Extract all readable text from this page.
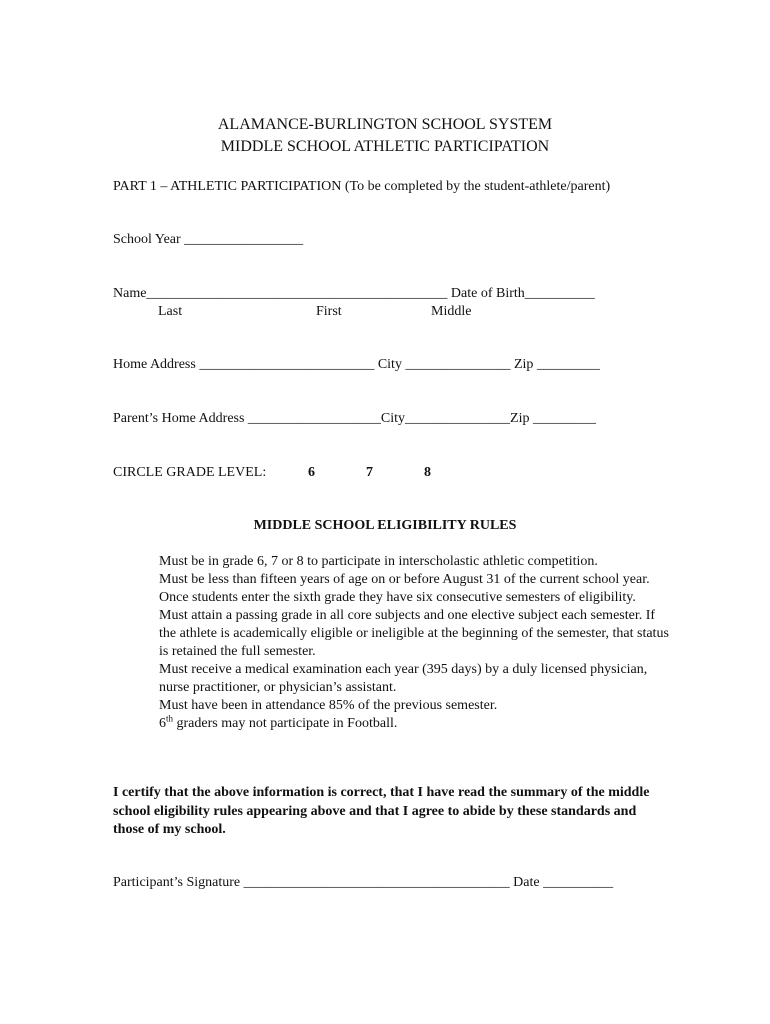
ALAMANCE-BURLINGTON SCHOOL SYSTEM
MIDDLE SCHOOL ATHLETIC PARTICIPATION
PART 1 – ATHLETIC PARTICIPATION (To be completed by the student-athlete/parent)
School Year _________________
Name___________________________________________ Date of Birth__________
Last	First	Middle
Home Address _________________________ City _______________ Zip _________
Parent’s Home Address ___________________City_______________Zip _________
CIRCLE GRADE LEVEL:	6	7	8
MIDDLE SCHOOL ELIGIBILITY RULES
Must be in grade 6, 7 or 8 to participate in interscholastic athletic competition.
Must be less than fifteen years of age on or before August 31 of the current school year. Once students enter the sixth grade they have six consecutive semesters of eligibility.
Must attain a passing grade in all core subjects and one elective subject each semester. If the athlete is academically eligible or ineligible at the beginning of the semester, that status is retained the full semester.
Must receive a medical examination each year (395 days) by a duly licensed physician, nurse practitioner, or physician’s assistant.
Must have been in attendance 85% of the previous semester.
6th graders may not participate in Football.
I certify that the above information is correct, that I have read the summary of the middle school eligibility rules appearing above and that I agree to abide by these standards and those of my school.
Participant’s Signature ______________________________________ Date __________
